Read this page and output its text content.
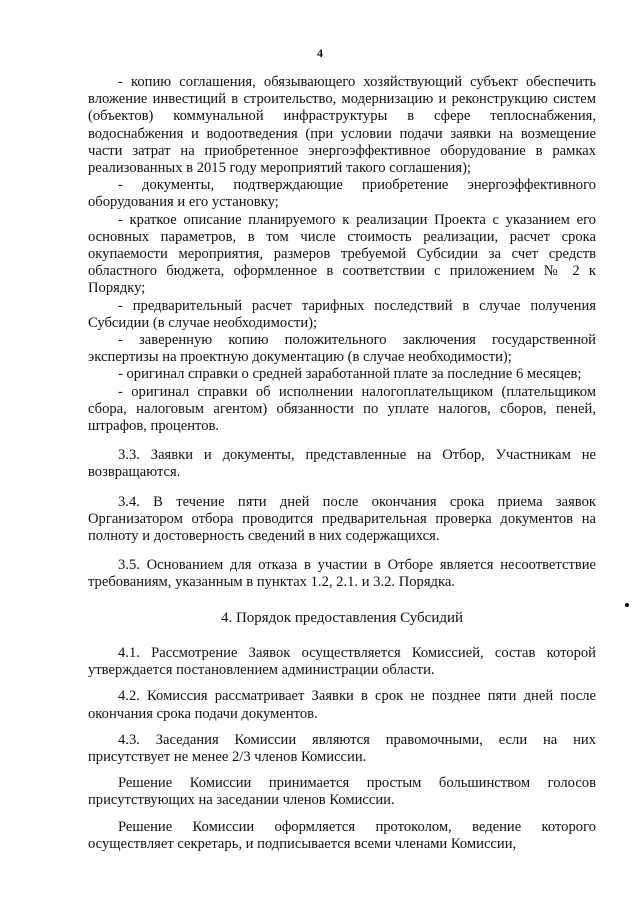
4

- копию соглашения, обязывающего хозяйствующий субъект обеспечить вложение инвестиций в строительство, модернизацию и реконструкцию систем (объектов) коммунальной инфраструктуры в сфере теплоснабжения, водоснабжения и водоотведения (при условии подачи заявки на возмещение части затрат на приобретенное энергоэффективное оборудование в рамках реализованных в 2015 году мероприятий такого соглашения);

- документы, подтверждающие приобретение энергоэффективного оборудования и его установку;

- краткое описание планируемого к реализации Проекта с указанием его основных параметров, в том числе стоимость реализации, расчет срока окупаемости мероприятия, размеров требуемой Субсидии за счет средств областного бюджета, оформленное в соответствии с приложением № 2 к Порядку;

- предварительный расчет тарифных последствий в случае получения Субсидии (в случае необходимости);

- заверенную копию положительного заключения государственной экспертизы на проектную документацию (в случае необходимости);

- оригинал справки о средней заработанной плате за последние 6 месяцев;

- оригинал справки об исполнении налогоплательщиком (плательщиком сбора, налоговым агентом) обязанности по уплате налогов, сборов, пеней, штрафов, процентов.

3.3. Заявки и документы, представленные на Отбор, Участникам не возвращаются.

3.4. В течение пяти дней после окончания срока приема заявок Организатором отбора проводится предварительная проверка документов на полноту и достоверность сведений в них содержащихся.

3.5. Основанием для отказа в участии в Отборе является несоответствие требованиям, указанным в пунктах 1.2, 2.1. и 3.2. Порядка.

4. Порядок предоставления Субсидий

4.1. Рассмотрение Заявок осуществляется Комиссией, состав которой утверждается постановлением администрации области.

4.2. Комиссия рассматривает Заявки в срок не позднее пяти дней после окончания срока подачи документов.

4.3. Заседания Комиссии являются правомочными, если на них присутствует не менее 2/3 членов Комиссии.

Решение Комиссии принимается простым большинством голосов присутствующих на заседании членов Комиссии.

Решение Комиссии оформляется протоколом, ведение которого осуществляет секретарь, и подписывается всеми членами Комиссии,
